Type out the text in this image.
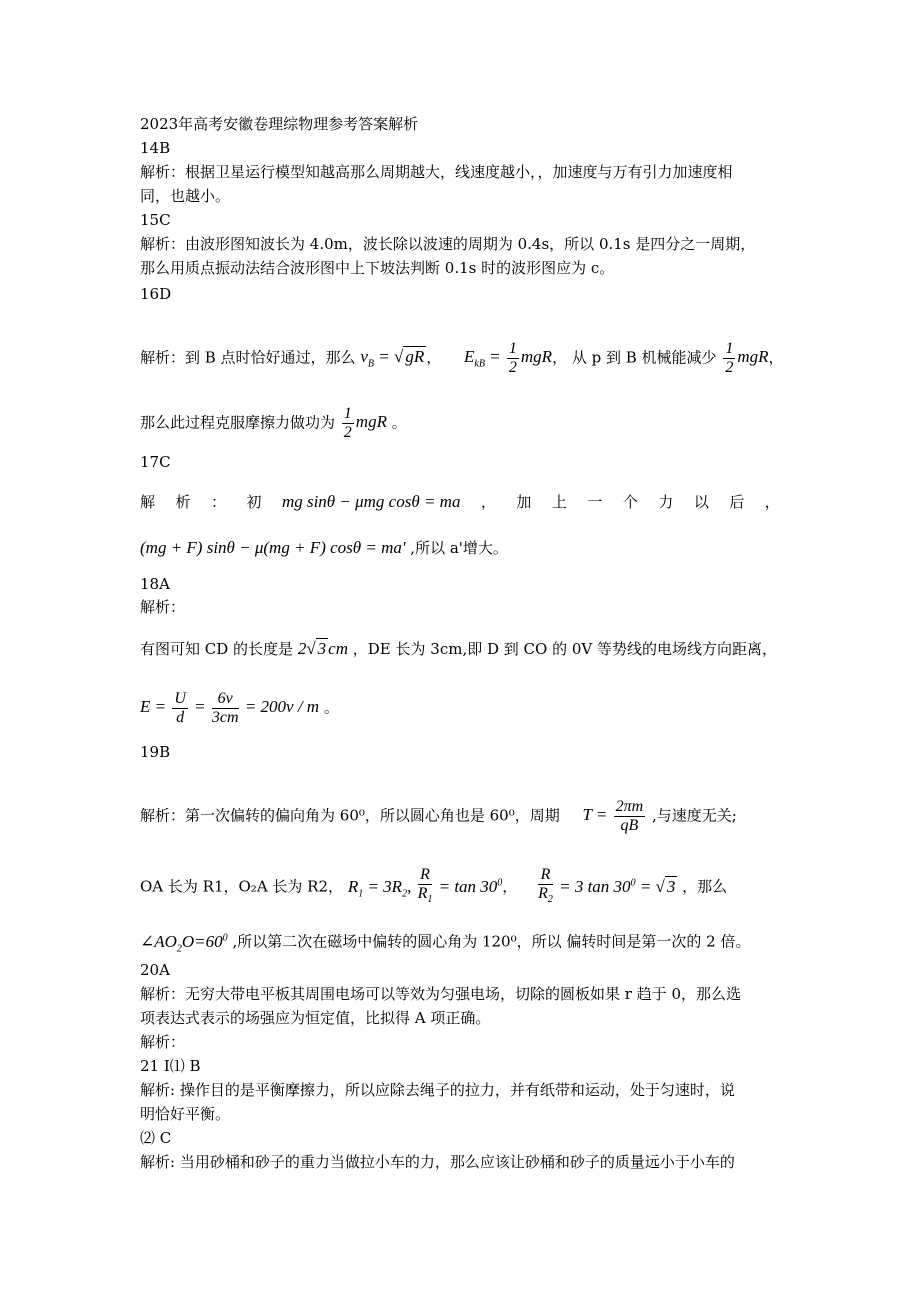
2023年高考安徽卷理综物理参考答案解析
14B
解析：根据卫星运行模型知越高那么周期越大，线速度越小，，加速度与万有引力加速度相
同，也越小。
15C
解析：由波形图知波长为 4.0m，波长除以波速的周期为 0.4s，所以 0.1s 是四分之一周期，
那么用质点振动法结合波形图中上下坡法判断 0.1s 时的波形图应为 c。
16D
解析：到 B 点时恰好通过，那么 $v_B$ = √ gR ， $E_{kB} = \frac{1}{2}$ mgR， 从 p 到 B 机械能减少 $\frac{1}{2}$ mgR，
那么此过程克服摩擦力做功为 $\frac{1}{2}$ mgR 。
17C
解 析 ： 初 mg sinθ − μmg cosθ = ma ， 加 上 一 个 力 以 后 ，
(mg + F) sinθ − μ(mg + F) cosθ = ma' ,所以 a'增大。
18A
解析：
有图可知 CD 的长度是 2√ 3 cm ，DE 长为 3cm,即 D 到 CO 的 0V 等势线的电场线方向距离，
$E = \frac{U}{d} = \frac{6v}{3cm} = 200v / m$ 。
19B
解析：第一次偏转的偏向角为 60⁰，所以圆心角也是 60⁰，周期 $T = \frac{2\pi m}{qB}$ ,与速度无关;
OA 长为 R1，O₂A 长为 R2， $R_1 = 3R_2$, $\frac{R}{R_1} = \tan 30^0$， $\frac{R}{R_2} = 3$ $\tan 30^0$ = √ 3 ，那么
$\angle AO_2O=60^0$ ,所以第二次在磁场中偏转的圆心角为 120⁰，所以 偏转时间是第一次的 2 倍。
20A
解析：无穷大带电平板其周围电场可以等效为匀强电场，切除的圆板如果 r 趋于 0，那么选
项表达式表示的场强应为恒定值，比拟得 A 项正确。
解析：
21 Ⅰ⑴ B
解析: 操作目的是平衡摩擦力，所以应除去绳子的拉力，并有纸带和运动，处于匀速时，说
明恰好平衡。
⑵ C
解析: 当用砂桶和砂子的重力当做拉小车的力，那么应该让砂桶和砂子的质量远小于小车的
